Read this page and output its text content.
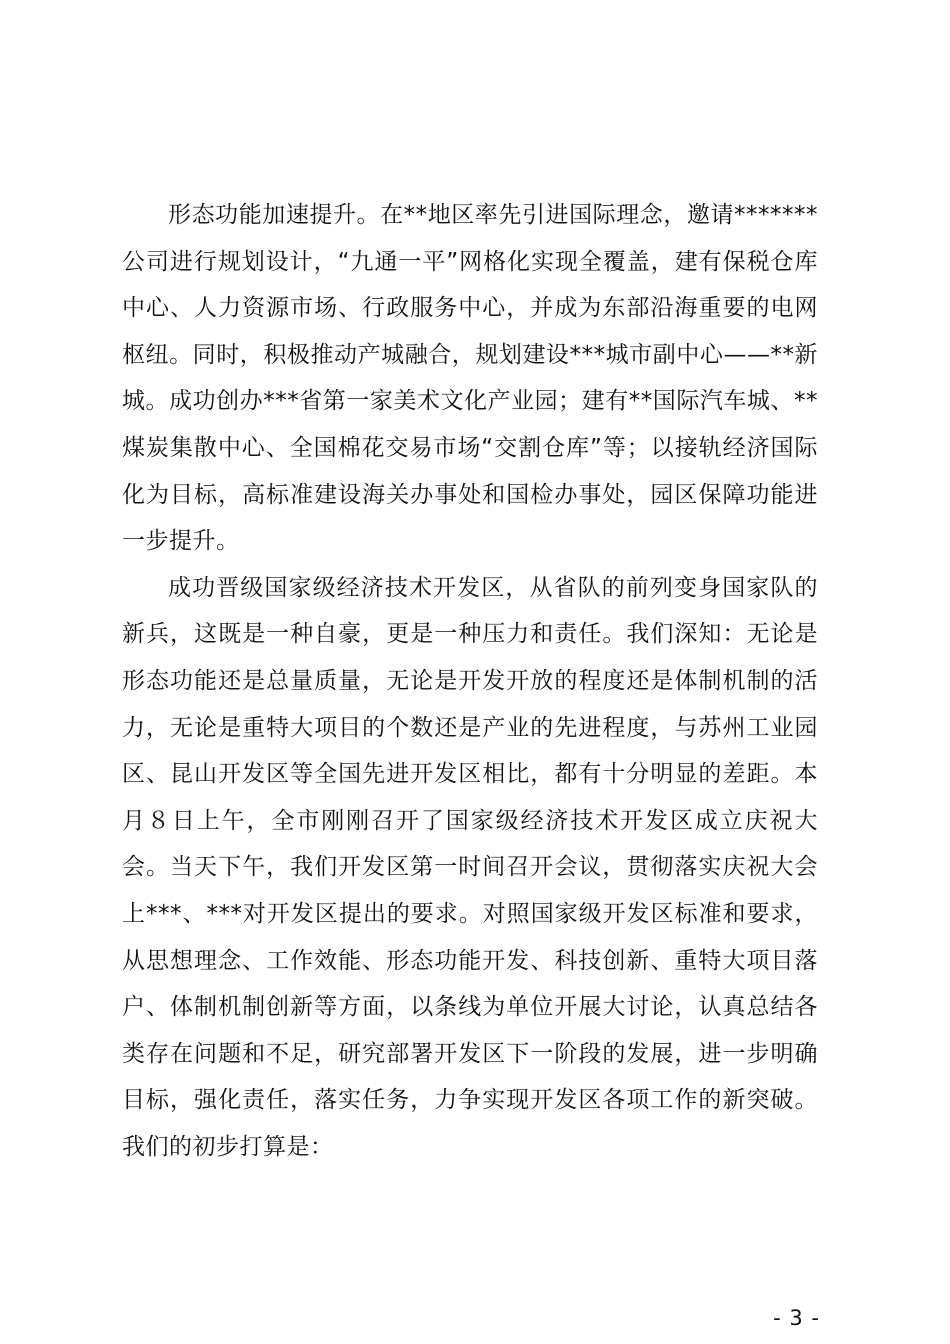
形态功能加速提升。在**地区率先引进国际理念，邀请*******公司进行规划设计，“九通一平”网格化实现全覆盖，建有保税仓库中心、人力资源市场、行政服务中心，并成为东部沿海重要的电网枢纽。同时，积极推动产城融合，规划建设***城市副中心——**新城。成功创办***省第一家美术文化产业园；建有**国际汽车城、**煤炭集散中心、全国棉花交易市场“交割仓库”等；以接轨经济国际化为目标，高标准建设海关办事处和国检办事处，园区保障功能进一步提升。

成功晋级国家级经济技术开发区，从省队的前列变身国家队的新兵，这既是一种自豪，更是一种压力和责任。我们深知：无论是形态功能还是总量质量，无论是开发开放的程度还是体制机制的活力，无论是重特大项目的个数还是产业的先进程度，与苏州工业园区、昆山开发区等全国先进开发区相比，都有十分明显的差距。本月８日上午，全市刚刚召开了国家级经济技术开发区成立庆祝大会。当天下午，我们开发区第一时间召开会议，贯彻落实庆祝大会上***、***对开发区提出的要求。对照国家级开发区标准和要求，从思想理念、工作效能、形态功能开发、科技创新、重特大项目落户、体制机制创新等方面，以条线为单位开展大讨论，认真总结各类存在问题和不足，研究部署开发区下一阶段的发展，进一步明确目标，强化责任，落实任务，力争实现开发区各项工作的新突破。我们的初步打算是：

- 3 -
